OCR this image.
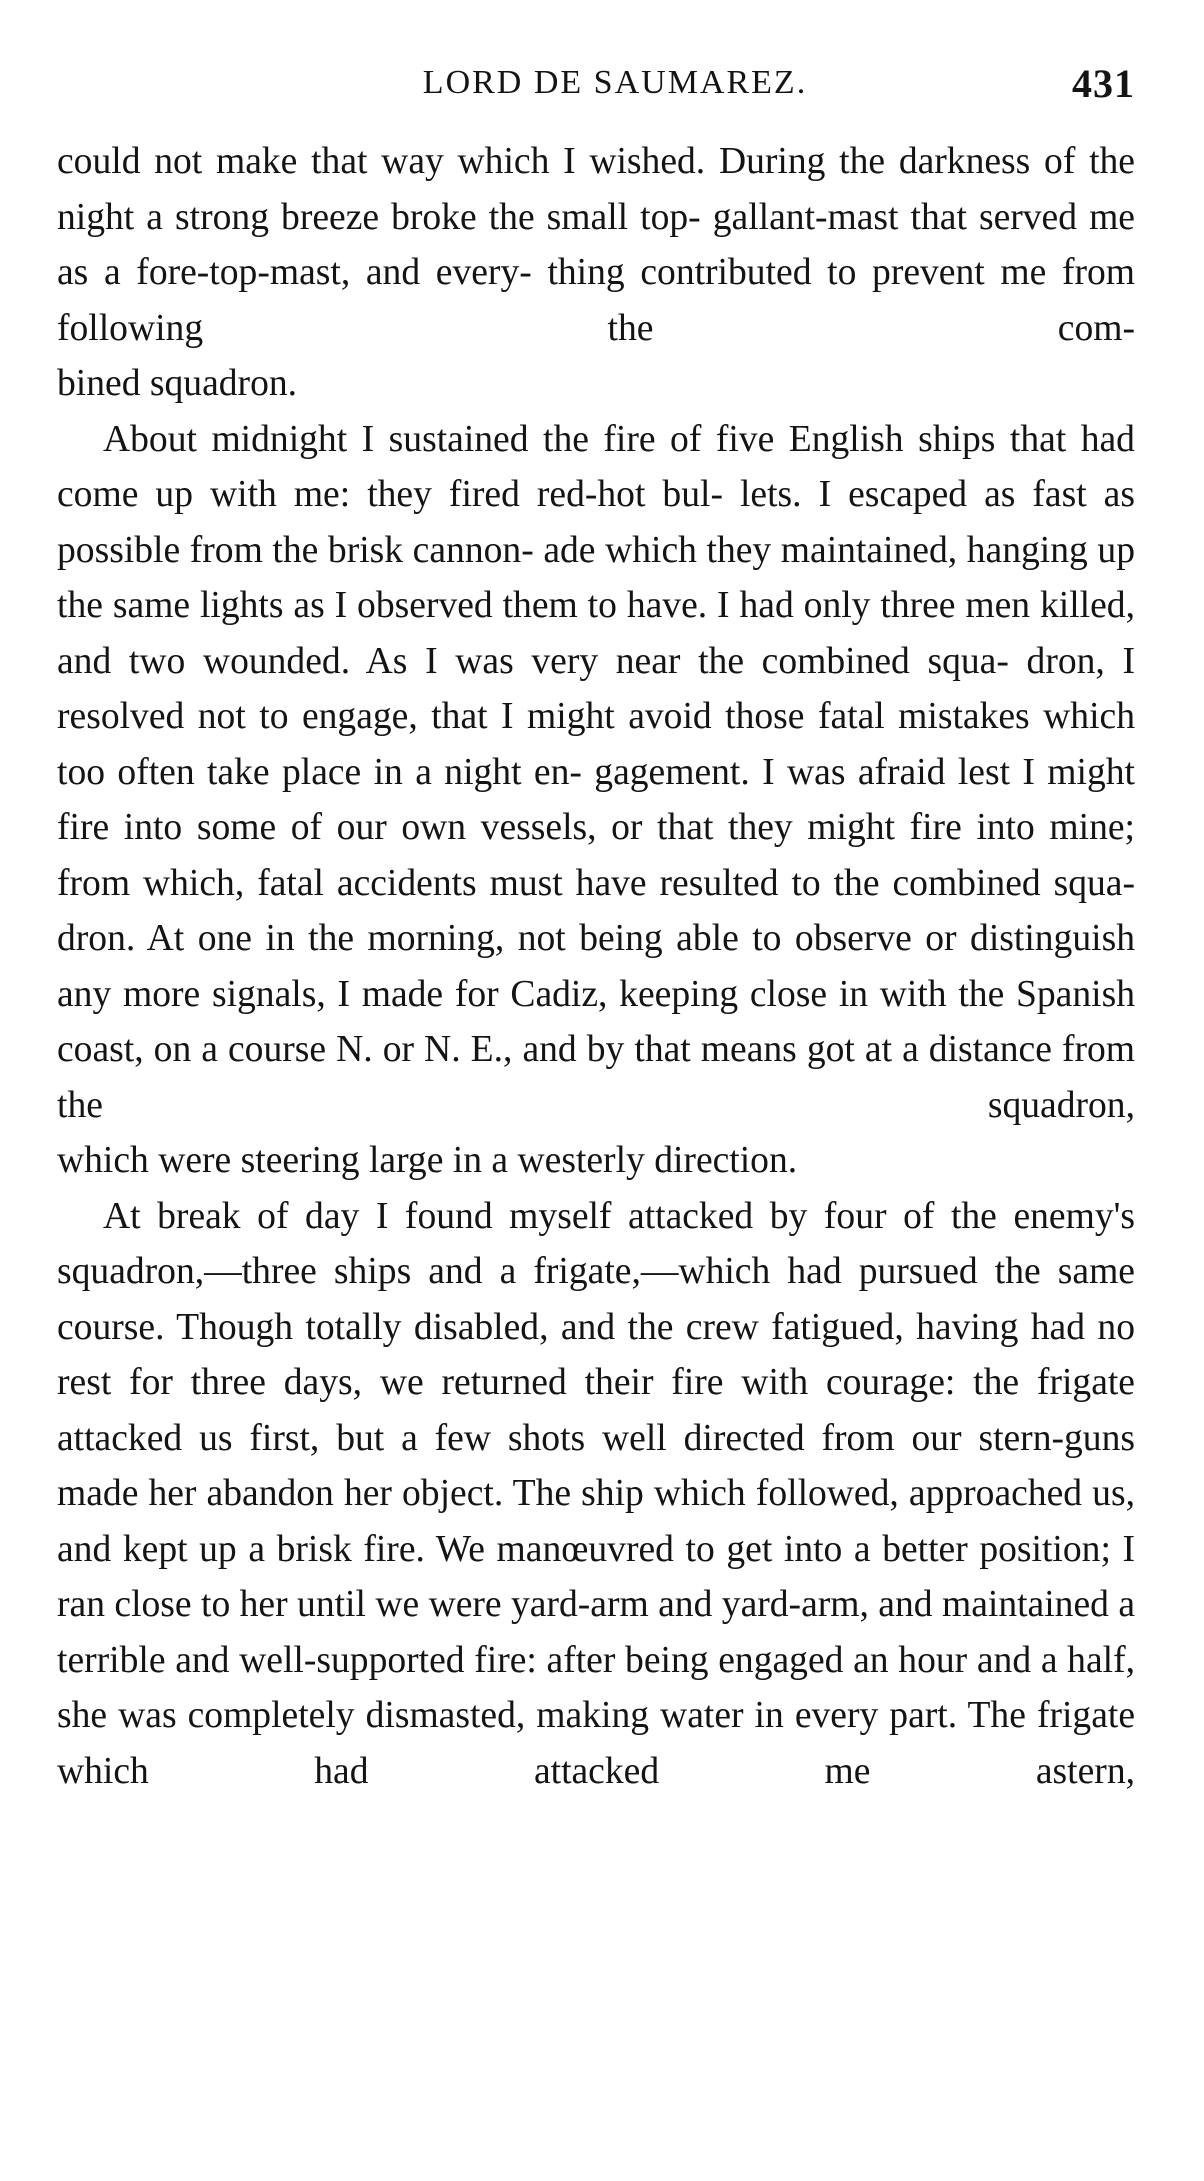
LORD DE SAUMAREZ.	431

could not make that way which I wished. During the darkness of the night a strong breeze broke the small top- gallant-mast that served me as a fore-top-mast, and every- thing contributed to prevent me from following the com-

bined squadron.

About midnight I sustained the fire of five English ships that had come up with me: they fired red-hot bul- lets. I escaped as fast as possible from the brisk cannon- ade which they maintained, hanging up the same lights as I observed them to have. I had only three men killed, and two wounded. As I was very near the combined squa- dron, I resolved not to engage, that I might avoid those fatal mistakes which too often take place in a night en- gagement. I was afraid lest I might fire into some of our own vessels, or that they might fire into mine; from which, fatal accidents must have resulted to the combined squa- dron. At one in the morning, not being able to observe or distinguish any more signals, I made for Cadiz, keeping close in with the Spanish coast, on a course N. or N. E., and by that means got at a distance from the squadron,

which were steering large in a westerly direction.

At break of day I found myself attacked by four of the enemy's squadron,—three ships and a frigate,—which had pursued the same course. Though totally disabled, and the crew fatigued, having had no rest for three days, we returned their fire with courage: the frigate attacked us first, but a few shots well directed from our stern-guns made her abandon her object. The ship which followed, approached us, and kept up a brisk fire. We manœuvred to get into a better position; I ran close to her until we were yard-arm and yard-arm, and maintained a terrible and well-supported fire: after being engaged an hour and a half, she was completely dismasted, making water in every part. The frigate which had attacked me astern,
